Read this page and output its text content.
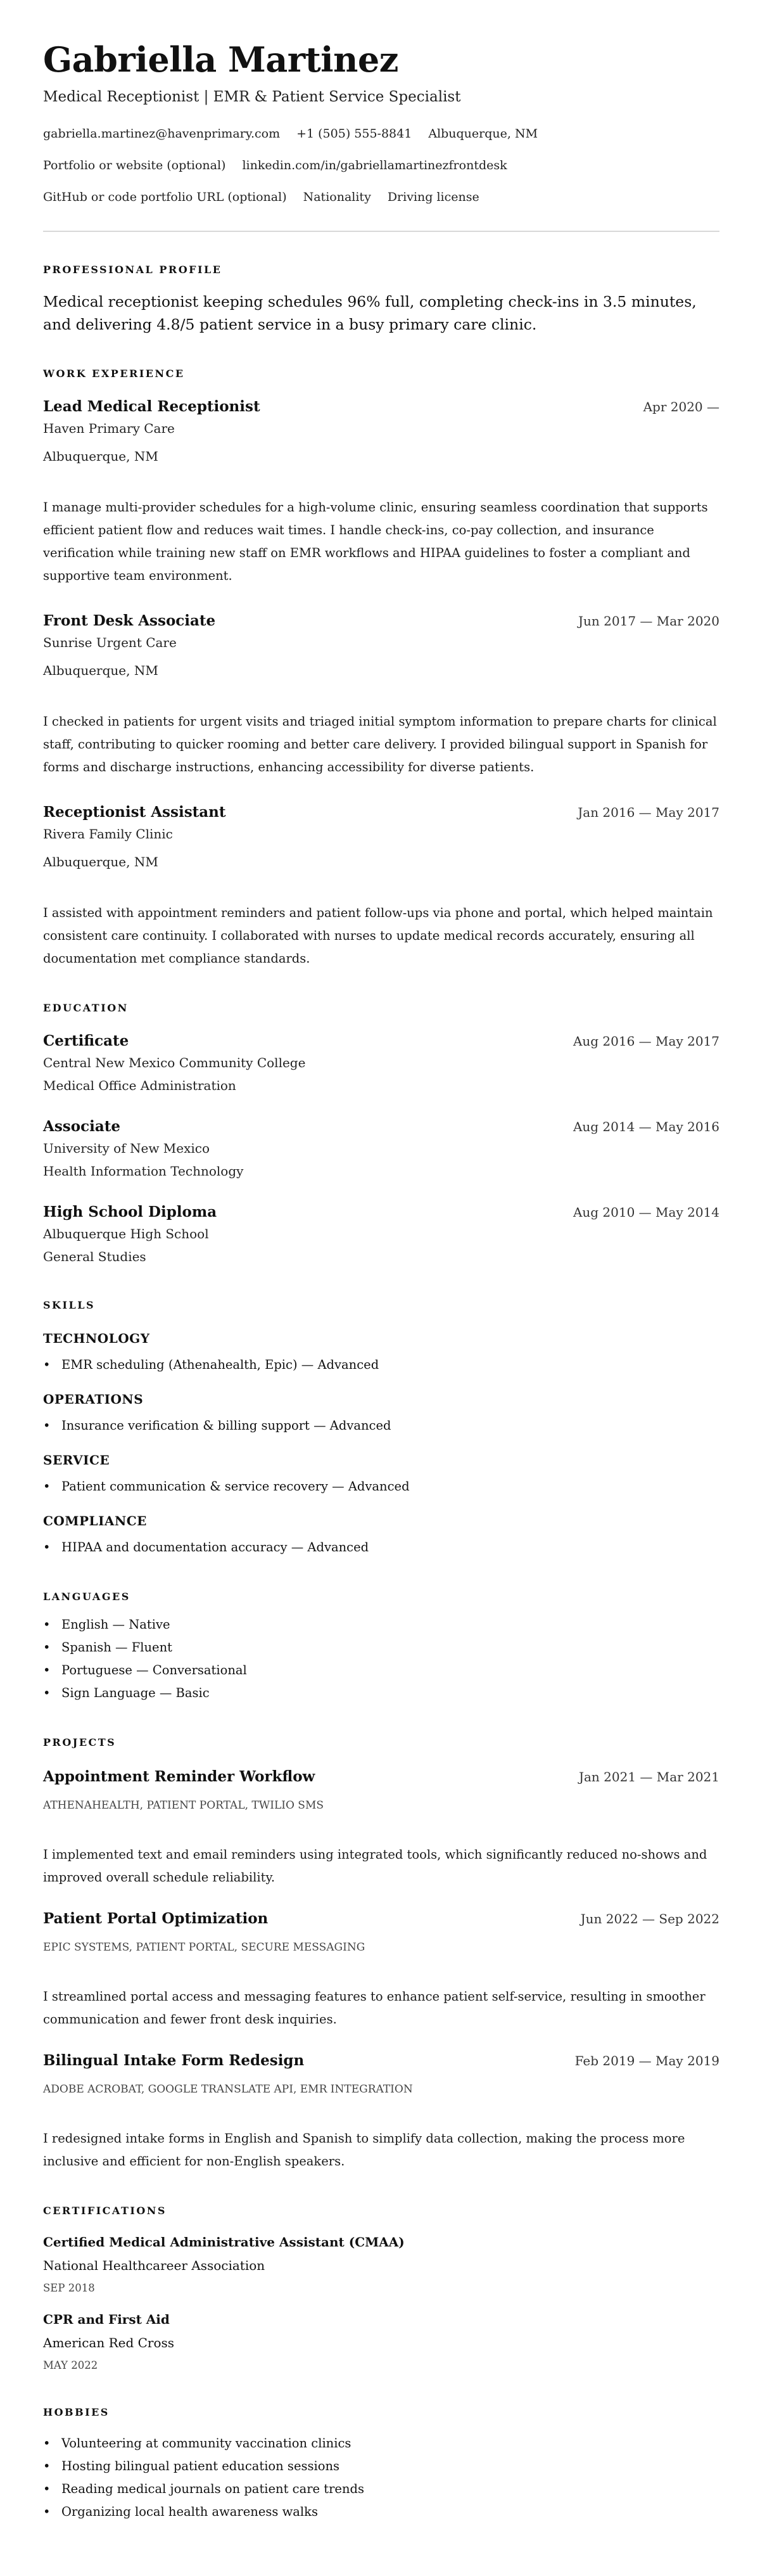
Gabriella Martinez
Medical Receptionist | EMR & Patient Service Specialist
gabriella.martinez@havenprimary.com +1 (505) 555-8841 Albuquerque, NM
Portfolio or website (optional) linkedin.com/in/gabriellamartinezfrontdesk
GitHub or code portfolio URL (optional) Nationality Driving license
PROFESSIONAL PROFILE
Medical receptionist keeping schedules 96% full, completing check-ins in 3.5 minutes, and delivering 4.8/5 patient service in a busy primary care clinic.
WORK EXPERIENCE
Lead Medical Receptionist	Apr 2020 —
Haven Primary Care
Albuquerque, NM
I manage multi-provider schedules for a high-volume clinic, ensuring seamless coordination that supports efficient patient flow and reduces wait times. I handle check-ins, co-pay collection, and insurance verification while training new staff on EMR workflows and HIPAA guidelines to foster a compliant and supportive team environment.
Front Desk Associate	Jun 2017 — Mar 2020
Sunrise Urgent Care
Albuquerque, NM
I checked in patients for urgent visits and triaged initial symptom information to prepare charts for clinical staff, contributing to quicker rooming and better care delivery. I provided bilingual support in Spanish for forms and discharge instructions, enhancing accessibility for diverse patients.
Receptionist Assistant	Jan 2016 — May 2017
Rivera Family Clinic
Albuquerque, NM
I assisted with appointment reminders and patient follow-ups via phone and portal, which helped maintain consistent care continuity. I collaborated with nurses to update medical records accurately, ensuring all documentation met compliance standards.
EDUCATION
Certificate	Aug 2016 — May 2017
Central New Mexico Community College
Medical Office Administration
Associate	Aug 2014 — May 2016
University of New Mexico
Health Information Technology
High School Diploma	Aug 2010 — May 2014
Albuquerque High School
General Studies
SKILLS
TECHNOLOGY
• EMR scheduling (Athenahealth, Epic) — Advanced
OPERATIONS
• Insurance verification & billing support — Advanced
SERVICE
• Patient communication & service recovery — Advanced
COMPLIANCE
• HIPAA and documentation accuracy — Advanced
LANGUAGES
• English — Native
• Spanish — Fluent
• Portuguese — Conversational
• Sign Language — Basic
PROJECTS
Appointment Reminder Workflow	Jan 2021 — Mar 2021
ATHENAHEALTH, PATIENT PORTAL, TWILIO SMS
I implemented text and email reminders using integrated tools, which significantly reduced no-shows and improved overall schedule reliability.
Patient Portal Optimization	Jun 2022 — Sep 2022
EPIC SYSTEMS, PATIENT PORTAL, SECURE MESSAGING
I streamlined portal access and messaging features to enhance patient self-service, resulting in smoother communication and fewer front desk inquiries.
Bilingual Intake Form Redesign	Feb 2019 — May 2019
ADOBE ACROBAT, GOOGLE TRANSLATE API, EMR INTEGRATION
I redesigned intake forms in English and Spanish to simplify data collection, making the process more inclusive and efficient for non-English speakers.
CERTIFICATIONS
Certified Medical Administrative Assistant (CMAA)
National Healthcareer Association
SEP 2018
CPR and First Aid
American Red Cross
MAY 2022
HOBBIES
• Volunteering at community vaccination clinics
• Hosting bilingual patient education sessions
• Reading medical journals on patient care trends
• Organizing local health awareness walks
